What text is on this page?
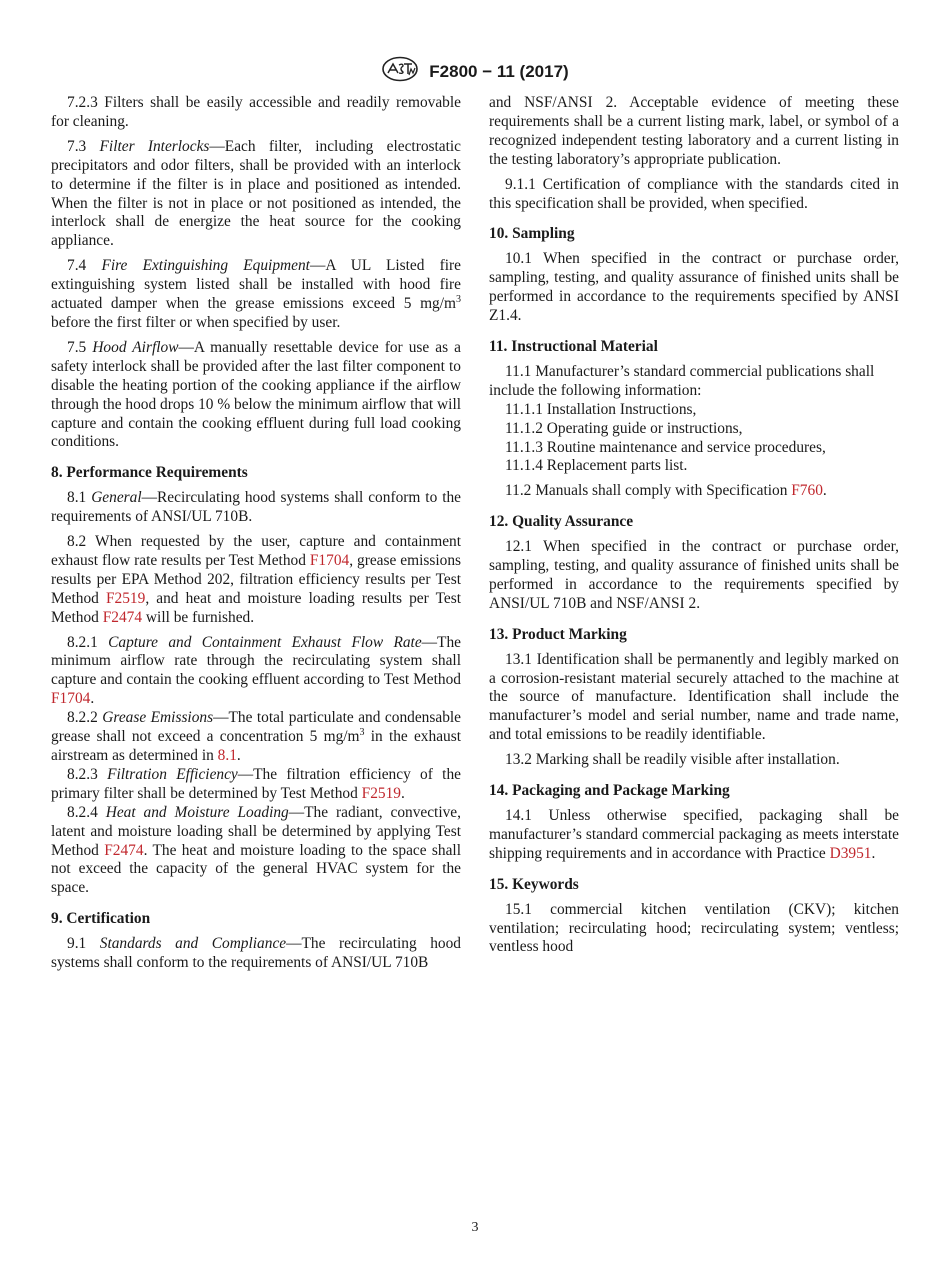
F2800 − 11 (2017)

7.2.3 Filters shall be easily accessible and readily removable for cleaning.

7.3 Filter Interlocks—Each filter, including electrostatic precipitators and odor filters, shall be provided with an interlock to determine if the filter is in place and positioned as intended. When the filter is not in place or not positioned as intended, the interlock shall de energize the heat source for the cooking appliance.

7.4 Fire Extinguishing Equipment—A UL Listed fire extinguishing system listed shall be installed with hood fire actuated damper when the grease emissions exceed 5 $mg/m^3$ before the first filter or when specified by user.

7.5 Hood Airflow—A manually resettable device for use as a safety interlock shall be provided after the last filter component to disable the heating portion of the cooking appliance if the airflow through the hood drops 10 % below the minimum airflow that will capture and contain the cooking effluent during full load cooking conditions.

8. Performance Requirements

8.1 General—Recirculating hood systems shall conform to the requirements of ANSI/UL 710B.

8.2 When requested by the user, capture and containment exhaust flow rate results per Test Method F1704, grease emissions results per EPA Method 202, filtration efficiency results per Test Method F2519, and heat and moisture loading results per Test Method F2474 will be furnished.

8.2.1 Capture and Containment Exhaust Flow Rate—The minimum airflow rate through the recirculating system shall capture and contain the cooking effluent according to Test Method F1704.

8.2.2 Grease Emissions—The total particulate and condensable grease shall not exceed a concentration 5 $mg/m^3$ in the exhaust airstream as determined in 8.1.

8.2.3 Filtration Efficiency—The filtration efficiency of the primary filter shall be determined by Test Method F2519.

8.2.4 Heat and Moisture Loading—The radiant, convective, latent and moisture loading shall be determined by applying Test Method F2474. The heat and moisture loading to the space shall not exceed the capacity of the general HVAC system for the space.

9. Certification

9.1 Standards and Compliance—The recirculating hood systems shall conform to the requirements of ANSI/UL 710B

and NSF/ANSI 2. Acceptable evidence of meeting these requirements shall be a current listing mark, label, or symbol of a recognized independent testing laboratory and a current listing in the testing laboratory’s appropriate publication.

9.1.1 Certification of compliance with the standards cited in this specification shall be provided, when specified.

10. Sampling

10.1 When specified in the contract or purchase order, sampling, testing, and quality assurance of finished units shall be performed in accordance to the requirements specified by ANSI Z1.4.

11. Instructional Material

11.1 Manufacturer’s standard commercial publications shall include the following information:

11.1.1 Installation Instructions,

11.1.2 Operating guide or instructions,

11.1.3 Routine maintenance and service procedures,

11.1.4 Replacement parts list.

11.2 Manuals shall comply with Specification F760.

12. Quality Assurance

12.1 When specified in the contract or purchase order, sampling, testing, and quality assurance of finished units shall be performed in accordance to the requirements specified by ANSI/UL 710B and NSF/ANSI 2.

13. Product Marking

13.1 Identification shall be permanently and legibly marked on a corrosion-resistant material securely attached to the machine at the source of manufacture. Identification shall include the manufacturer’s model and serial number, name and trade name, and total emissions to be readily identifiable.

13.2 Marking shall be readily visible after installation.

14. Packaging and Package Marking

14.1 Unless otherwise specified, packaging shall be manufacturer’s standard commercial packaging as meets interstate shipping requirements and in accordance with Practice D3951.

15. Keywords

15.1 commercial kitchen ventilation (CKV); kitchen ventilation; recirculating hood; recirculating system; ventless; ventless hood

3
